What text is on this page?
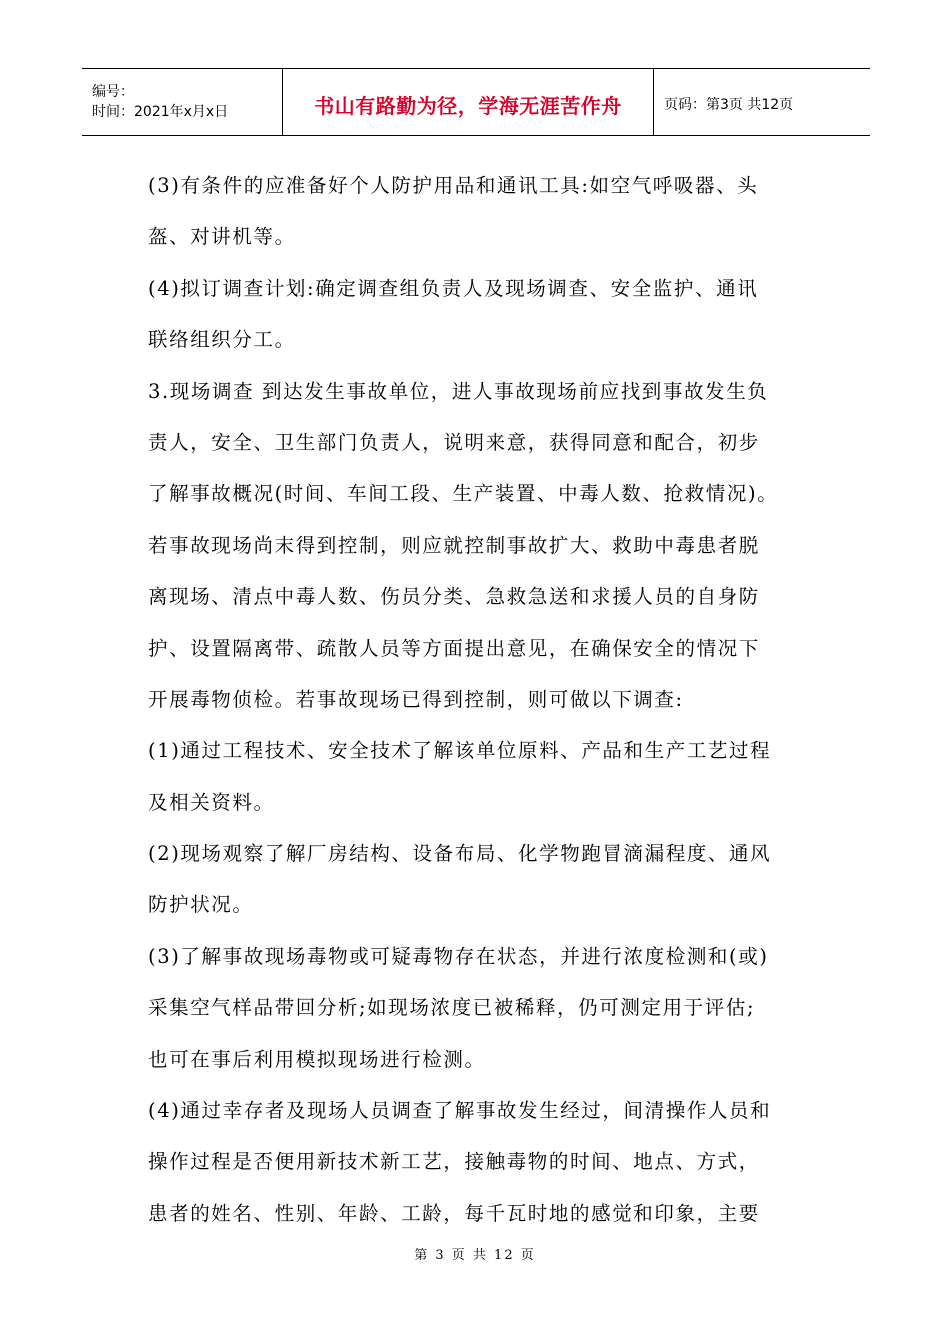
编号：
时间：2021年x月x日	书山有路勤为径，学海无涯苦作舟	页码：第3页 共12页
(3)有条件的应准备好个人防护用品和通讯工具:如空气呼吸器、头
盔、对讲机等。
(4)拟订调查计划:确定调查组负责人及现场调查、安全监护、通讯
联络组织分工。
3.现场调查 到达发生事故单位，进人事故现场前应找到事故发生负
责人，安全、卫生部门负责人，说明来意，获得同意和配合，初步
了解事故概况(时间、车间工段、生产装置、中毒人数、抢救情况)。
若事故现场尚末得到控制，则应就控制事故扩大、救助中毒患者脱
离现场、清点中毒人数、伤员分类、急救急送和求援人员的自身防
护、设置隔离带、疏散人员等方面提出意见，在确保安全的情况下
开展毒物侦检。若事故现场已得到控制，则可做以下调查:
(1)通过工程技术、安全技术了解该单位原料、产品和生产工艺过程
及相关资料。
(2)现场观察了解厂房结构、设备布局、化学物跑冒滴漏程度、通风
防护状况。
(3)了解事故现场毒物或可疑毒物存在状态，并进行浓度检测和(或)
采集空气样品带回分析;如现场浓度已被稀释，仍可测定用于评估;
也可在事后利用模拟现场进行检测。
(4)通过幸存者及现场人员调查了解事故发生经过，间清操作人员和
操作过程是否便用新技术新工艺，接触毒物的时间、地点、方式，
患者的姓名、性别、年龄、工龄，每千瓦时地的感觉和印象，主要
第 3 页 共 12 页
